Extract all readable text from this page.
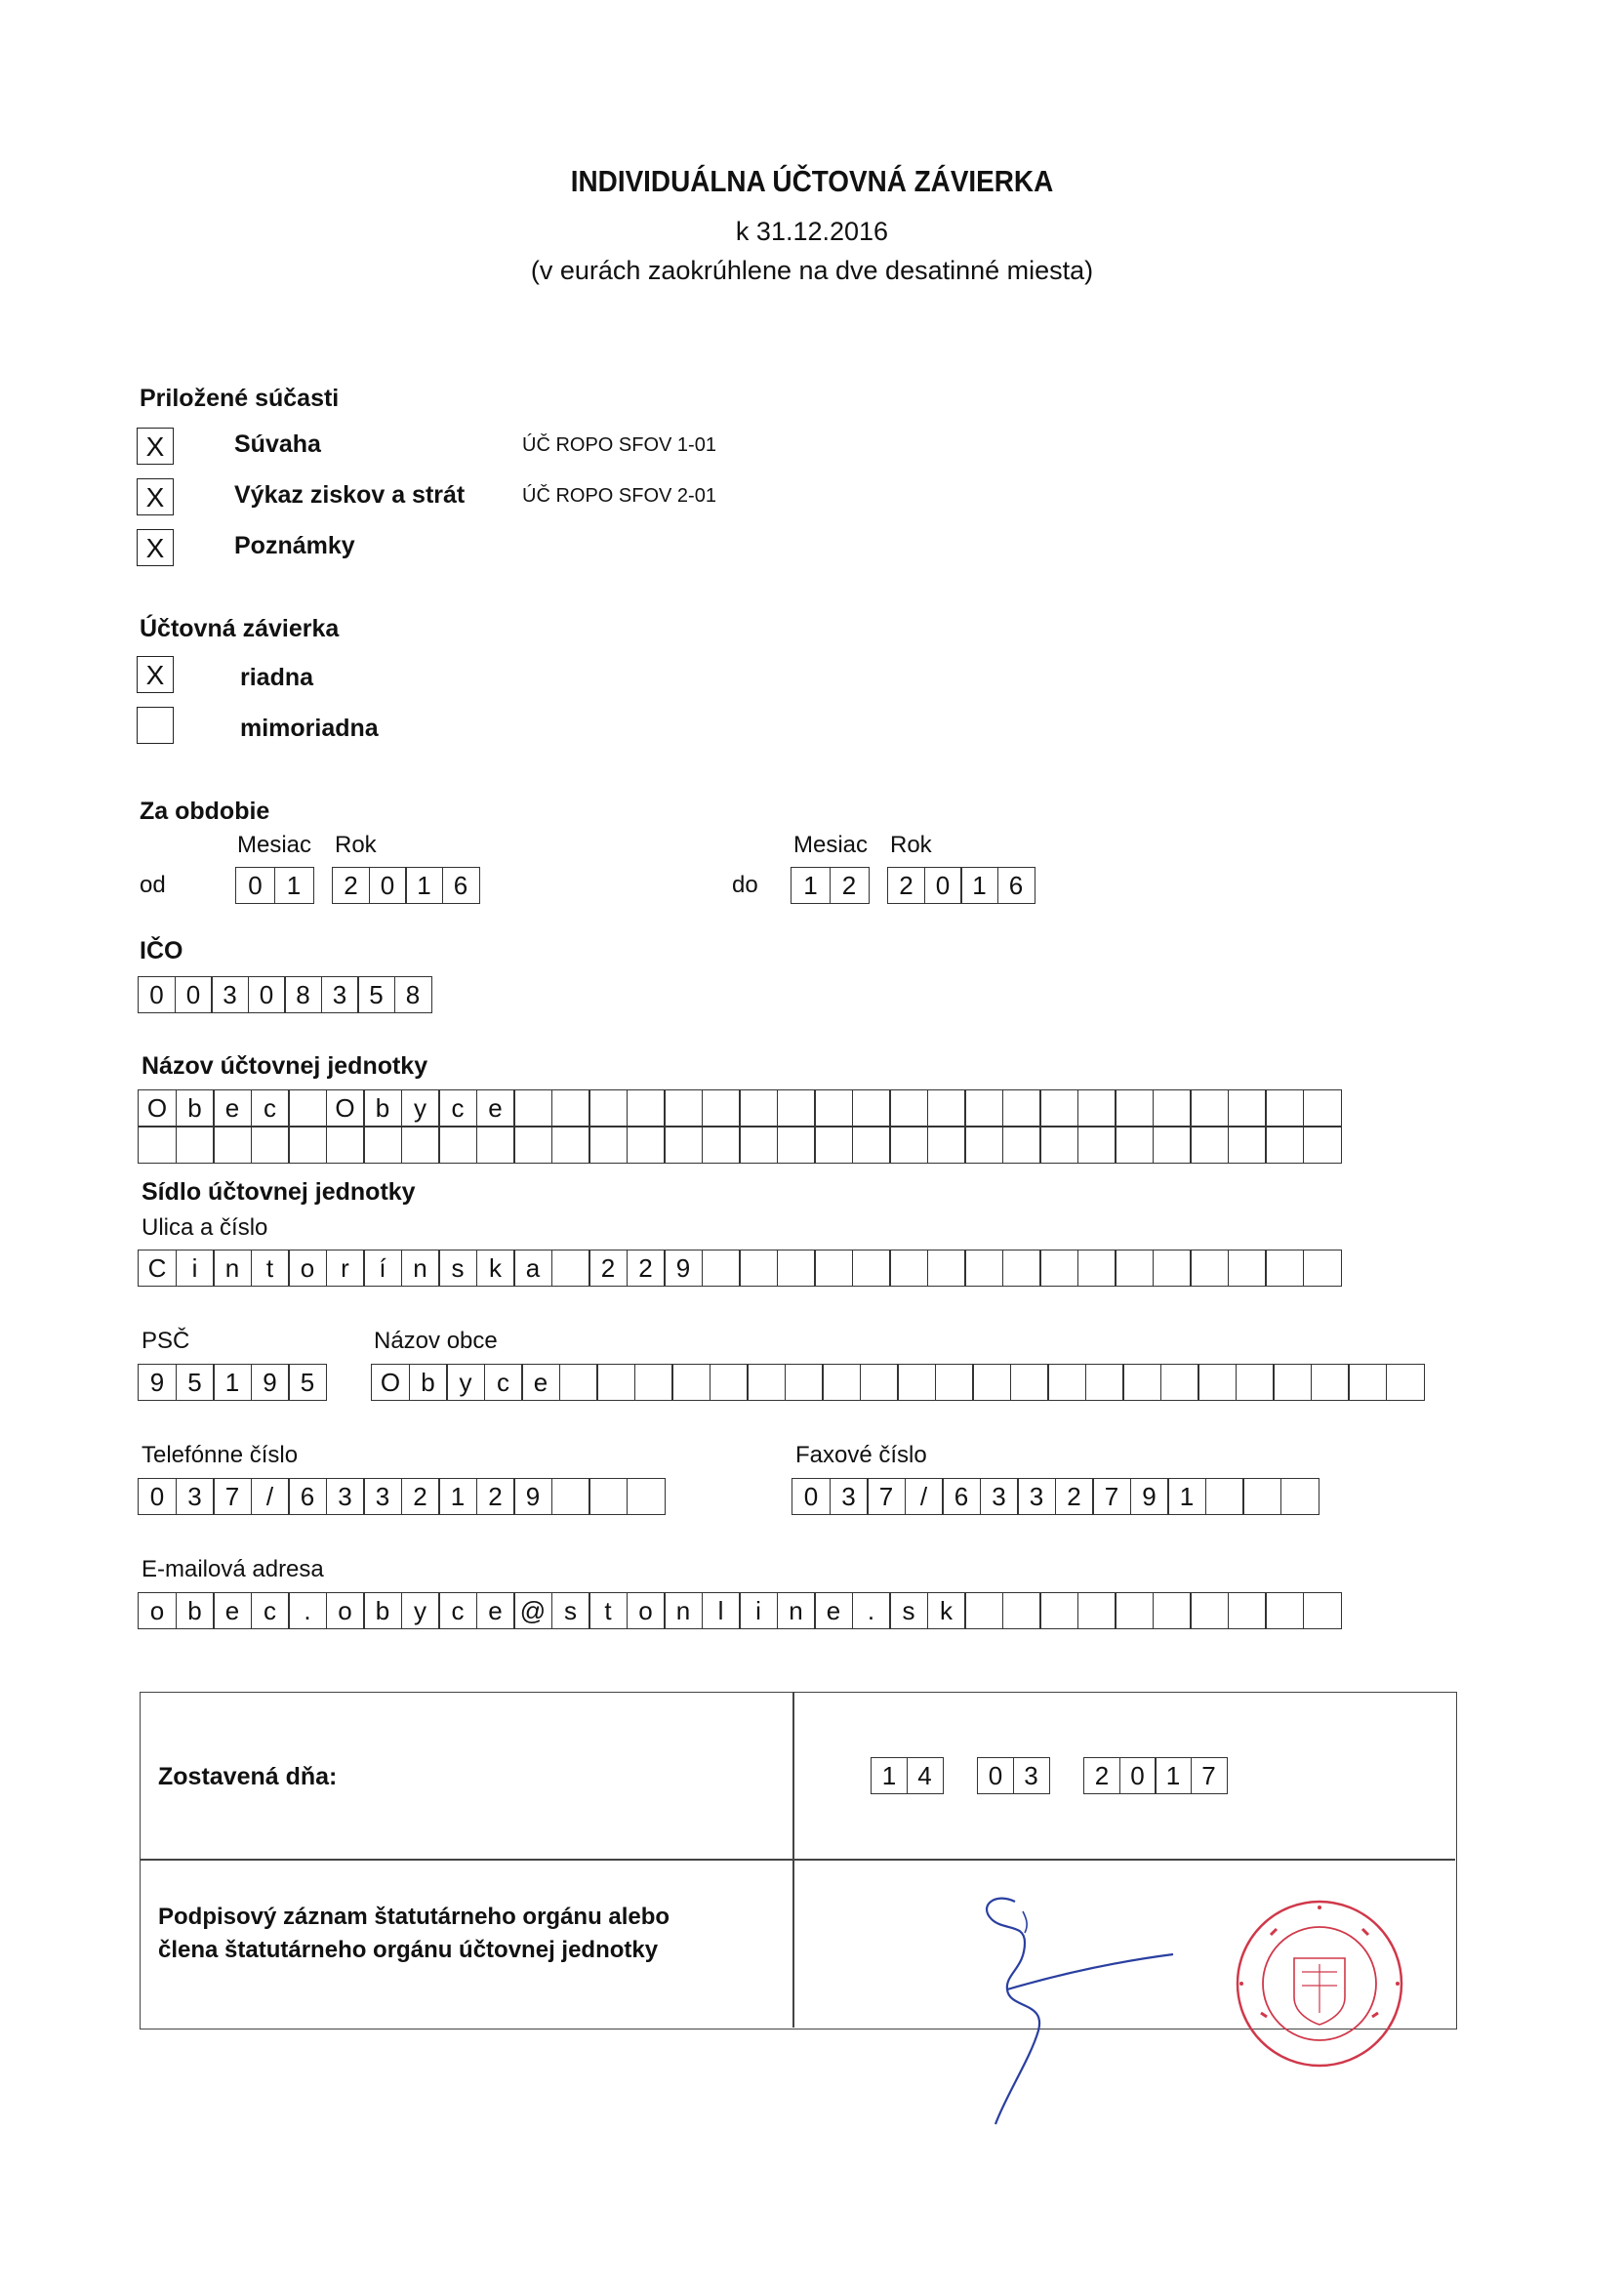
INDIVIDUÁLNA ÚČTOVNÁ ZÁVIERKA
k 31.12.2016
(v eurách zaokrúhlene na dve desatinné miesta)
Priložené súčasti
X	Súvaha	ÚČ ROPO SFOV 1-01
X	Výkaz ziskov a strát	ÚČ ROPO SFOV 2-01
X	Poznámky
Účtovná závierka
X	riadna
mimoriadna
Za obdobie
Mesiac Rok
od	0 1	2 0 1 6
Mesiac Rok
do	1 2	2 0 1 6
IČO
0 0 3 0 8 3 5 8
Názov účtovnej jednotky
O b e c	O b y c e
Sídlo účtovnej jednotky
Ulica a číslo
C	i	n	t	o	r	í	n s k a	2 2 9
PSČ
9 5 1 9 5
Názov obce
O b y c e
Telefónne číslo
0 3 7	/	6 3 3 2 1 2 9
Faxové číslo
0 3 7	/	6 3 3 2 7 9 1
E-mailová adresa
o b e c	.	o b y c e @ s	t	o n	l	i	n e	.	s k
Zostavená dňa:	1 4	0 3	2 0 1 7
Podpisový záznam štatutárneho orgánu alebo
člena štatutárneho orgánu účtovnej jednotky
